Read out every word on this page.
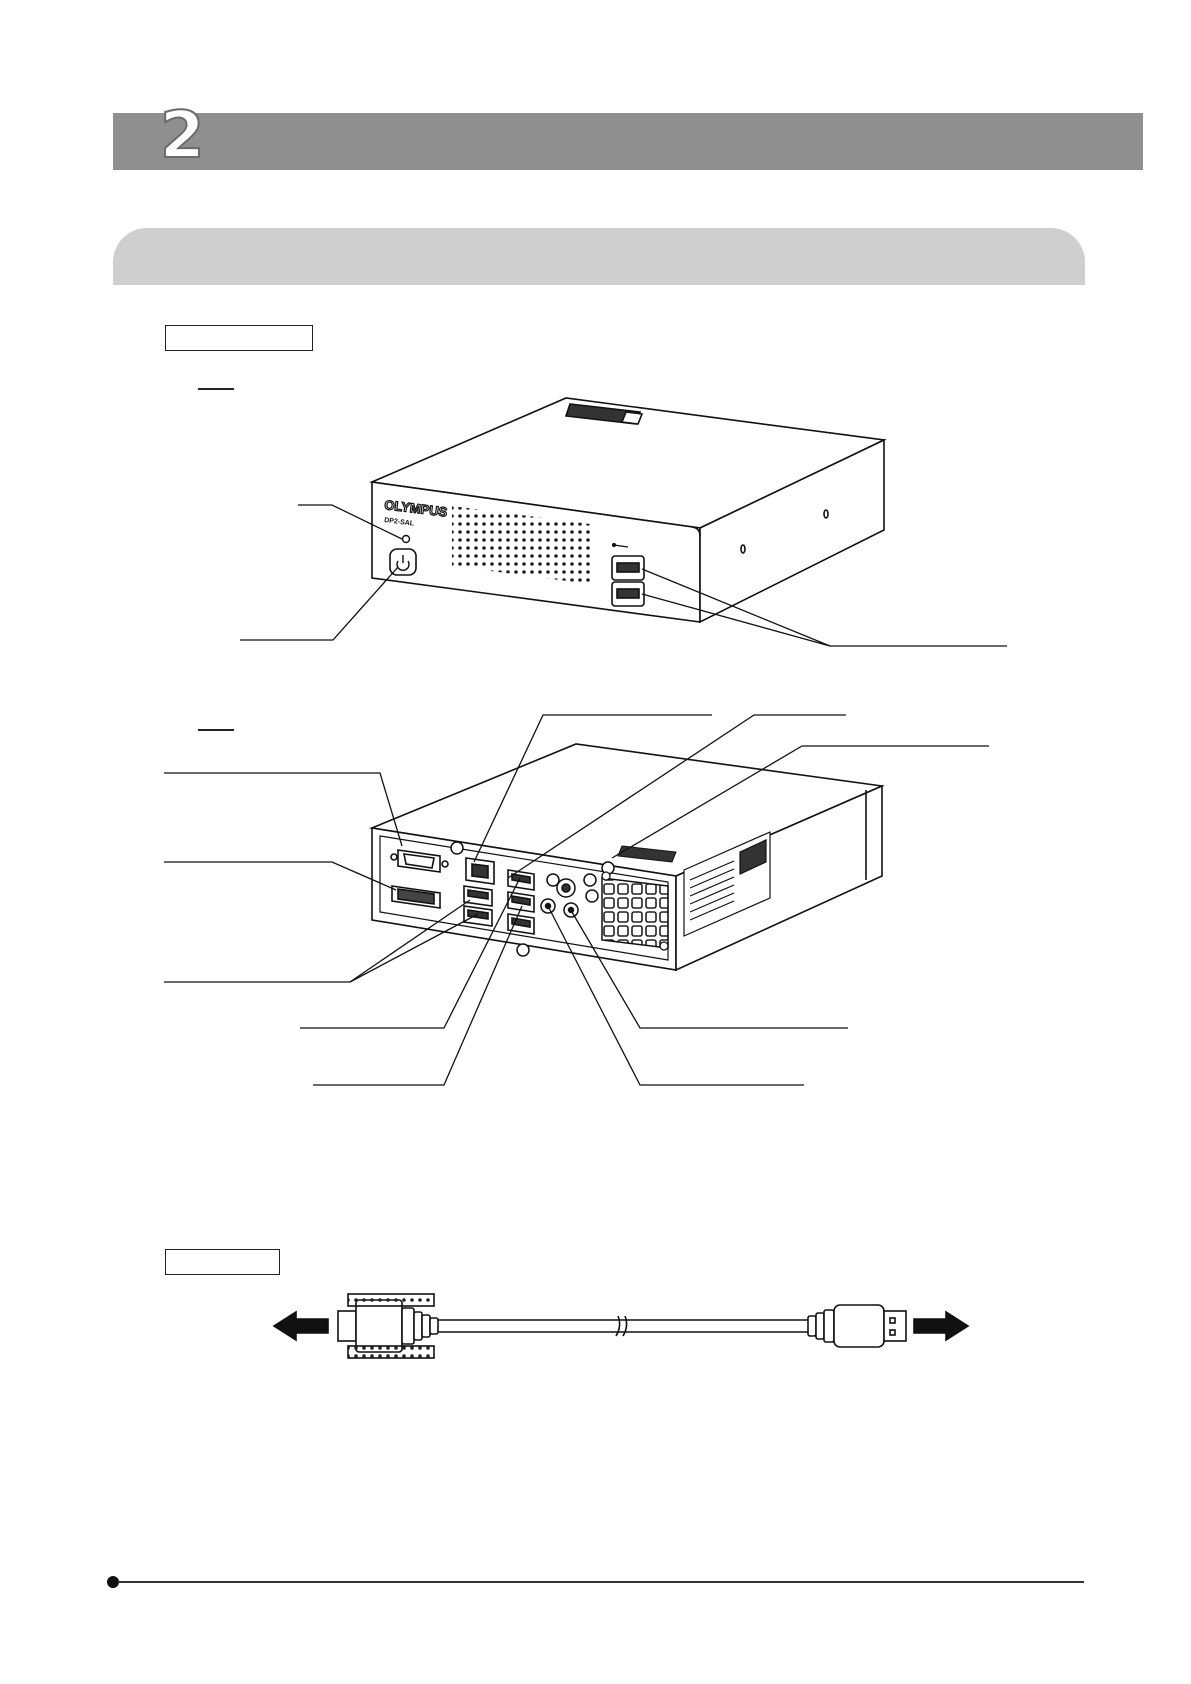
2
OLYMPUS
DP2-SAL
